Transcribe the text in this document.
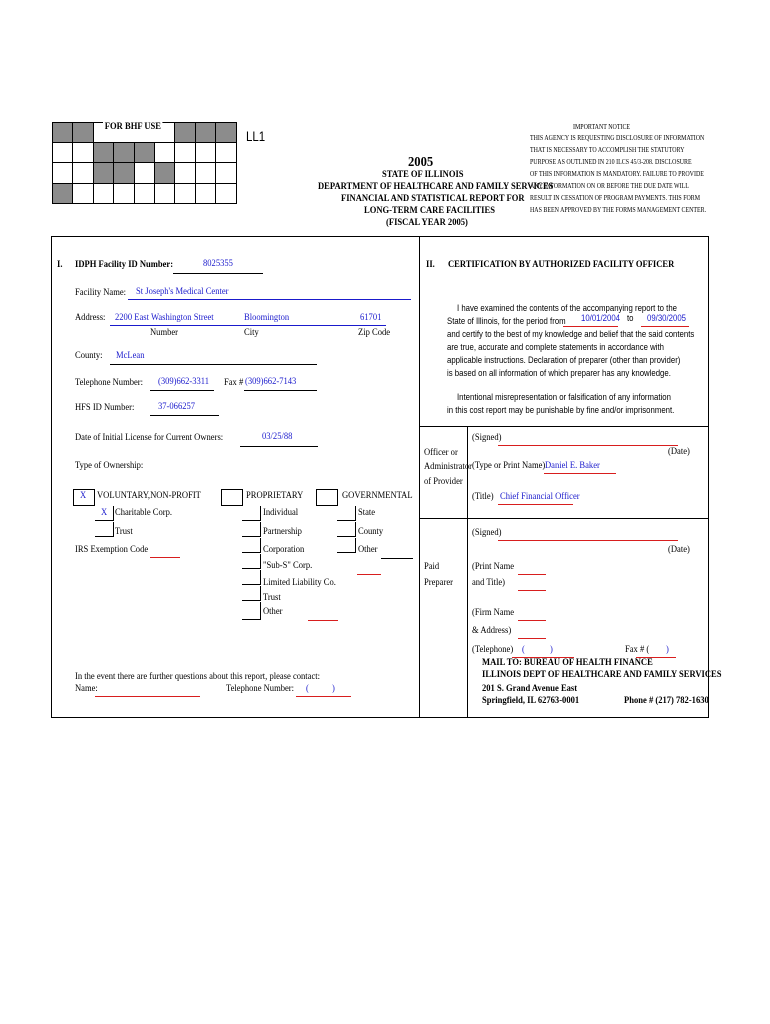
FOR BHF USE
LL1
2005
STATE OF ILLINOIS
DEPARTMENT OF HEALTHCARE AND FAMILY SERVICES
FINANCIAL AND STATISTICAL REPORT FOR
LONG-TERM CARE FACILITIES
(FISCAL YEAR 2005)
IMPORTANT NOTICE
THIS AGENCY IS REQUESTING DISCLOSURE OF INFORMATION
THAT IS NECESSARY TO ACCOMPLISH THE STATUTORY
PURPOSE AS OUTLINED IN 210 ILCS 45/3-208. DISCLOSURE
OF THIS INFORMATION IS MANDATORY. FAILURE TO PROVIDE
ANY INFORMATION ON OR BEFORE THE DUE DATE WILL
RESULT IN CESSATION OF PROGRAM PAYMENTS. THIS FORM
HAS BEEN APPROVED BY THE FORMS MANAGEMENT CENTER.
I. IDPH Facility ID Number:	8025355
Facility Name: St Joseph's Medical Center
Address: 2200 East Washington Street	Bloomington	61701
Number	City	Zip Code
County: McLean
Telephone Number: (309)662-3311 Fax # (309)662-7143
HFS ID Number: 37-066257
Date of Initial License for Current Owners:	03/25/88
Type of Ownership:
X VOLUNTARY,NON-PROFIT
X Charitable Corp.
Trust
IRS Exemption Code
PROPRIETARY
Individual
Partnership
Corporation
"Sub-S" Corp.
Limited Liability Co.
Trust
Other
GOVERNMENTAL
State
County
Other
In the event there are further questions about this report, please contact:
Name:	Telephone Number: ( )
II. CERTIFICATION BY AUTHORIZED FACILITY OFFICER
I have examined the contents of the accompanying report to the
State of Illinois, for the period from 10/01/2004 to 09/30/2005
and certify to the best of my knowledge and belief that the said contents
are true, accurate and complete statements in accordance with
applicable instructions. Declaration of preparer (other than provider)
is based on all information of which preparer has any knowledge.
Intentional misrepresentation or falsification of any information
in this cost report may be punishable by fine and/or imprisonment.
Officer or
Administrator
of Provider
(Signed)
(Date)
(Type or Print Name) Daniel E. Baker
(Title) Chief Financial Officer
(Signed)
(Date)
Paid
Preparer
(Print Name
and Title)
(Firm Name
& Address)
(Telephone) (	)	Fax # ( )
MAIL TO: BUREAU OF HEALTH FINANCE
ILLINOIS DEPT OF HEALTHCARE AND FAMILY SERVICES
201 S. Grand Avenue East
Springfield, IL 62763-0001	Phone # (217) 782-1630
